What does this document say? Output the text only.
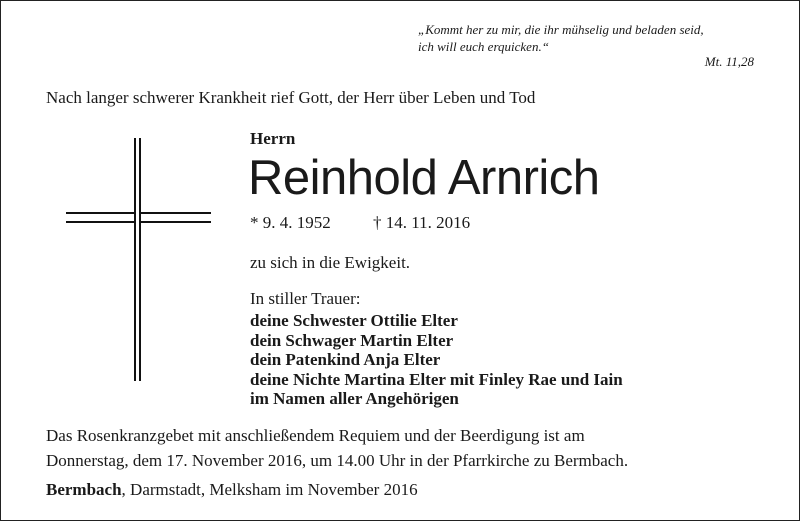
„Kommt her zu mir, die ihr mühselig und beladen seid,
ich will euch erquicken.“
Mt. 11,28
Nach langer schwerer Krankheit rief Gott, der Herr über Leben und Tod
Herrn
Reinhold Arnrich
* 9. 4. 1952 † 14. 11. 2016
zu sich in die Ewigkeit.
In stiller Trauer:
deine Schwester Ottilie Elter
dein Schwager Martin Elter
dein Patenkind Anja Elter
deine Nichte Martina Elter mit Finley Rae und Iain
im Namen aller Angehörigen
Das Rosenkranzgebet mit anschließendem Requiem und der Beerdigung ist am
Donnerstag, dem 17. November 2016, um 14.00 Uhr in der Pfarrkirche zu Bermbach.
Bermbach, Darmstadt, Melksham im November 2016
